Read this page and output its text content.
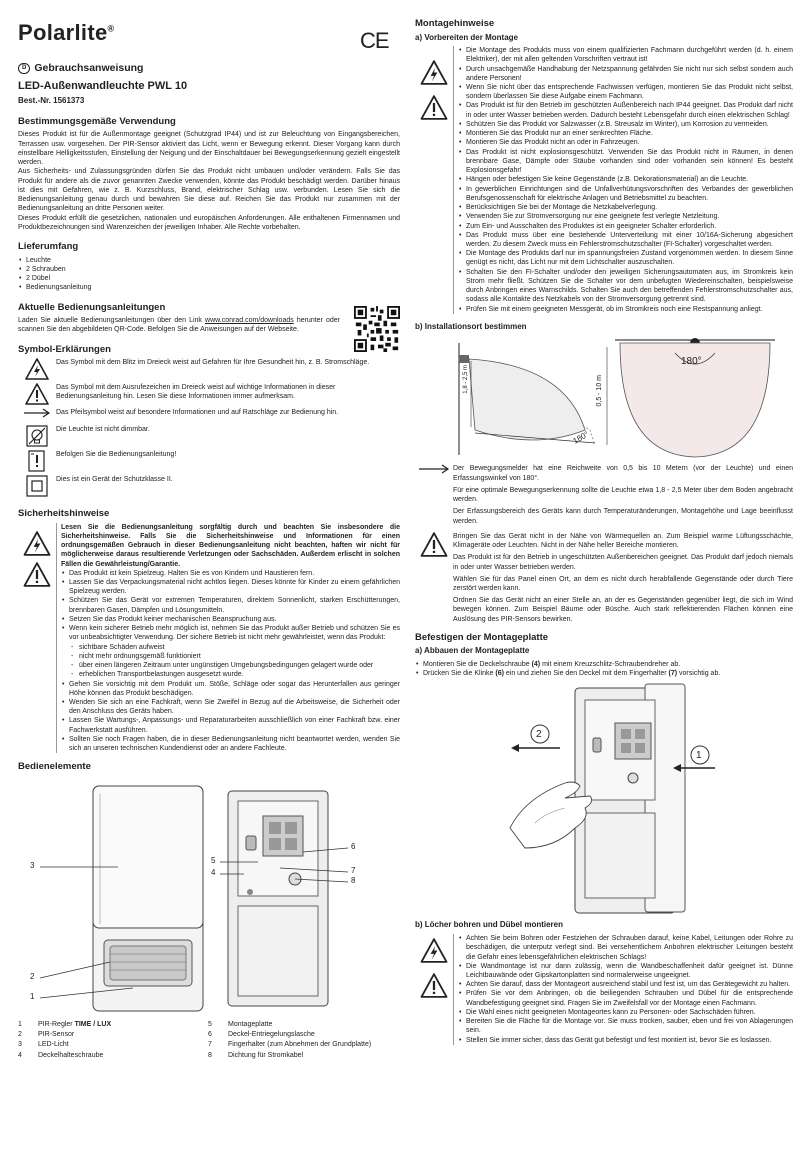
Polarlite®
D Gebrauchsanweisung
LED-Außenwandleuchte PWL 10
Best.-Nr. 1561373
Bestimmungsgemäße Verwendung

Dieses Produkt ist für die Außenmontage geeignet (Schutzgrad IP44) und ist zur Beleuchtung von Eingangsbereichen, Terrassen usw. vorgesehen. Der PIR-Sensor aktiviert das Licht, wenn er Bewegung erkennt. Dieser Vorgang kann durch einstellbare Helligkeitsstufen, Einstellung der Neigung und der Einschaltdauer bei Bewegungserkennung gezielt eingestellt werden.

Aus Sicherheits- und Zulassungsgründen dürfen Sie das Produkt nicht umbauen und/oder verändern. Falls Sie das Produkt für andere als die zuvor genannten Zwecke verwenden, könnte das Produkt beschädigt werden. Darüber hinaus ist dies mit Gefahren, wie z. B. Kurzschluss, Brand, elektrischer Schlag usw. verbunden. Lesen Sie sich die Bedienungsanleitung genau durch und bewahren Sie diese auf. Reichen Sie das Produkt nur zusammen mit der Bedienungsanleitung an dritte Personen weiter.

Dieses Produkt erfüllt die gesetzlichen, nationalen und europäischen Anforderungen. Alle enthaltenen Firmennamen und Produktbezeichnungen sind Warenzeichen der jeweiligen Inhaber. Alle Rechte vorbehalten.

Lieferumfang
• Leuchte
• 2 Schrauben
• 2 Dübel
• Bedienungsanleitung
Aktuelle Bedienungsanleitungen

Laden Sie aktuelle Bedienungsanleitungen über den Link www.conrad.com/downloads herunter oder scannen Sie den abgebildeten QR-Code. Befolgen Sie die Anweisungen auf der Webseite.

Symbol-Erklärungen
Das Symbol mit dem Blitz im Dreieck weist auf Gefahren für Ihre Gesundheit hin, z. B. Stromschläge.
Das Symbol mit dem Ausrufezeichen im Dreieck weist auf wichtige Informationen in dieser Bedienungsanleitung hin. Lesen Sie diese Informationen immer aufmerksam.
Das Pfeilsymbol weist auf besondere Informationen und auf Ratschläge zur Bedienung hin.
Die Leuchte ist nicht dimmbar.
Befolgen Sie die Bedienungsanleitung!
Dies ist ein Gerät der Schutzklasse II.
Sicherheitshinweise

Lesen Sie die Bedienungsanleitung sorgfältig durch und beachten Sie insbesondere die Sicherheitshinweise. Falls Sie die Sicherheitshinweise und Informationen für einen ordnungsgemäßen Gebrauch in dieser Bedienungsanleitung nicht beachten, haften wir nicht für möglicherweise daraus resultierende Verletzungen oder Sachschäden. Außerdem erlischt in solchen Fällen die Gewährleistung/Garantie.

• Das Produkt ist kein Spielzeug. Halten Sie es von Kindern und Haustieren fern.
• Lassen Sie das Verpackungsmaterial nicht achtlos liegen. Dieses könnte für Kinder zu einem gefährlichen Spielzeug werden.
• Schützen Sie das Gerät vor extremen Temperaturen, direktem Sonnenlicht, starken Erschütterungen, brennbaren Gasen, Dämpfen und Lösungsmitteln.
• Setzen Sie das Produkt keiner mechanischen Beanspruchung aus.
• Wenn kein sicherer Betrieb mehr möglich ist, nehmen Sie das Produkt außer Betrieb und schützen Sie es vor unbeabsichtigter Verwendung. Der sichere Betrieb ist nicht mehr gewährleistet, wenn das Produkt:
- sichtbare Schäden aufweist
- nicht mehr ordnungsgemäß funktioniert
- über einen längeren Zeitraum unter ungünstigen Umgebungsbedingungen gelagert wurde oder
- erheblichen Transportbelastungen ausgesetzt wurde.
• Gehen Sie vorsichtig mit dem Produkt um. Stöße, Schläge oder sogar das Herunterfallen aus geringer Höhe können das Produkt beschädigen.
• Wenden Sie sich an eine Fachkraft, wenn Sie Zweifel in Bezug auf die Arbeitsweise, die Sicherheit oder den Anschluss des Geräts haben.
• Lassen Sie Wartungs-, Anpassungs- und Reparaturarbeiten ausschließlich von einer Fachkraft bzw. einer Fachwerkstatt ausführen.
• Sollten Sie noch Fragen haben, die in dieser Bedienungsanleitung nicht beantwortet werden, wenden Sie sich an unseren technischen Kundendienst oder an andere Fachleute.
Bedienelemente
3
2
1
5
4
6
7
8
1	PIR-Regler TIME / LUX	5	Montageplatte
2	PIR-Sensor	6	Deckel-Entriegelungslasche
3	LED-Licht	7	Fingerhalter (zum Abnehmen der Grundplatte)
4	Deckelhalteschraube	8	Dichtung für Stromkabel
CE
Montagehinweise
a) Vorbereiten der Montage
• Die Montage des Produkts muss von einem qualifizierten Fachmann durchgeführt werden (d. h. einem Elektriker), der mit allen geltenden Vorschriften vertraut ist!
• Durch unsachgemäße Handhabung der Netzspannung gefährden Sie nicht nur sich selbst sondern auch andere Personen!
• Wenn Sie nicht über das entsprechende Fachwissen verfügen, montieren Sie das Produkt nicht selbst, sondern überlassen Sie diese Aufgabe einem Fachmann.
• Das Produkt ist für den Betrieb im geschützten Außenbereich nach IP44 geeignet. Das Produkt darf nicht in oder unter Wasser betrieben werden. Dadurch besteht Lebensgefahr durch einen elektrischen Schlag!
• Schützen Sie das Produkt vor Salzwasser (z.B. Streusalz im Winter), um Korrosion zu vermeiden.
• Montieren Sie das Produkt nur an einer senkrechten Fläche.
• Montieren Sie das Produkt nicht an oder in Fahrzeugen.
• Das Produkt ist nicht explosionsgeschützt. Verwenden Sie das Produkt nicht in Räumen, in denen brennbare Gase, Dämpfe oder Stäube vorhanden sind oder vorhanden sein können! Es besteht Explosionsgefahr!
• Hängen oder befestigen Sie keine Gegenstände (z.B. Dekorationsmaterial) an die Leuchte.
• In gewerblichen Einrichtungen sind die Unfallverhütungsvorschriften des Verbandes der gewerblichen Berufsgenossenschaft für elektrische Anlagen und Betriebsmittel zu beachten.
• Berücksichtigen Sie bei der Montage die Netzkabelverlegung.
• Verwenden Sie zur Stromversorgung nur eine geeignete fest verlegte Netzleitung.
• Zum Ein- und Ausschalten des Produktes ist ein geeigneter Schalter erforderlich.
• Das Produkt muss über eine bestehende Unterverteilung mit einer 10/16A-Sicherung abgesichert werden. Zu diesem Zweck muss ein Fehlerstromschutzschalter (FI-Schalter) vorgeschaltet werden.
• Die Montage des Produkts darf nur im spannungsfreien Zustand vorgenommen werden. In diesem Sinne genügt es nicht, das Licht nur mit dem Lichtschalter auszuschalten.
• Schalten Sie den FI-Schalter und/oder den jeweiligen Sicherungsautomaten aus, im Stromkreis kein Strom mehr fließt. Schützen Sie die Schalter vor dem unbefugten Wiedereinschalten, beispielsweise durch Anbringen eines Warnschilds. Schalten Sie auch den betreffenden Fehlerstromschutzschalter aus, sodass alle Kontakte des Netzkabels von der Stromversorgung getrennt sind.
• Prüfen Sie mit einem geeigneten Messgerät, ob im Stromkreis noch eine Restspannung anliegt.
b) Installationsort bestimmen
1,8 - 2,5 m	0,5 - 10 m
180°
180°

Der Bewegungsmelder hat eine Reichweite von 0,5 bis 10 Metern (vor der Leuchte) und einen Erfassungswinkel von 180°.

Für eine optimale Bewegungserkennung sollte die Leuchte etwa 1,8 - 2,5 Meter über dem Boden angebracht werden.

Der Erfassungsbereich des Geräts kann durch Temperaturänderungen, Montagehöhe und Lage beeinflusst werden.

Bringen Sie das Gerät nicht in der Nähe von Wärmequellen an. Zum Beispiel warme Lüftungsschächte, Klimageräte oder Leuchten. Nicht in der Nähe heller Bereiche montieren.

Das Produkt ist für den Betrieb in ungeschützten Außenbereichen geeignet. Das Produkt darf jedoch niemals in oder unter Wasser betrieben werden.

Wählen Sie für das Panel einen Ort, an dem es nicht durch herabfallende Gegenstände oder durch Tiere zerstört werden kann.

Ordnen Sie das Gerät nicht an einer Stelle an, an der es Gegenständen gegenüber liegt, die sich im Wind bewegen können. Zum Beispiel Bäume oder Büsche. Auch stark reflektierenden Flächen können eine Auslösung des PIR-Sensors bewirken.

Befestigen der Montageplatte
a) Abbauen der Montageplatte
• Montieren Sie die Deckelschraube (4) mit einem Kreuzschlitz-Schraubendreher ab.
• Drücken Sie die Klinke (6) ein und ziehen Sie den Deckel mit dem Fingerhalter (7) vorsichtig ab.
2
1
b) Löcher bohren und Dübel montieren
• Achten Sie beim Bohren oder Festziehen der Schrauben darauf, keine Kabel, Leitungen oder Rohre zu beschädigen, die unterputz verlegt sind. Bei versehentlichem Anbohren elektrischer Leitungen besteht die Gefahr eines lebensgefährlichen elektrischen Schlags!
• Die Wandmontage ist nur dann zulässig, wenn die Wandbeschaffenheit dafür geeignet ist. Dünne Leichtbauwände oder Gipskartonplatten sind normalerweise ungeeignet.
• Achten Sie darauf, dass der Montageort ausreichend stabil und fest ist, um das Gerätegewicht zu halten.
• Prüfen Sie vor dem Anbringen, ob die beiliegenden Schrauben und Dübel für die entsprechende Wandbefestigung geeignet sind. Fragen Sie im Zweifelsfall vor der Montage einen Fachmann.
• Die Wahl eines nicht geeigneten Montageortes kann zu Personen- oder Sachschäden führen.
• Bereiten Sie die Fläche für die Montage vor. Sie muss trocken, sauber, eben und frei von Ablagerungen sein.
• Stellen Sie immer sicher, dass das Gerät gut befestigt und fest montiert ist, bevor Sie es loslassen.
